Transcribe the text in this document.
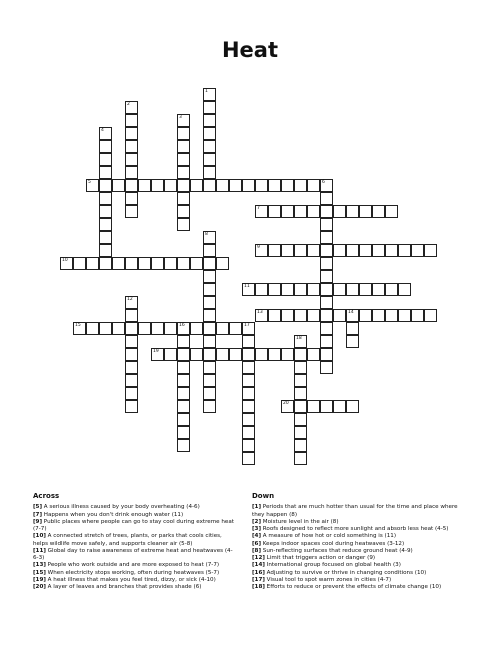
Heat
5
7
9
10
11
13
15
19
20
1
2
3
4
6
8
12
14
16	17
18
Across

[5] A serious illness caused by your body overheating (4-6)

[7] Happens when you don't drink enough water (11)

[9] Public places where people can go to stay cool during extreme heat (7-7)

[10] A connected stretch of trees, plants, or parks that cools cities, helps wildlife move safely, and supports cleaner air (5-8)

[11] Global day to raise awareness of extreme heat and heatwaves (4-6-3)

[13] People who work outside and are more exposed to heat (7-7)

[15] When electricity stops working, often during heatwaves (5-7)

[19] A heat illness that makes you feel tired, dizzy, or sick (4-10)

[20] A layer of leaves and branches that provides shade (6)

Down

[1] Periods that are much hotter than usual for the time and place where they happen (8)

[2] Moisture level in the air (8)

[3] Roofs designed to reflect more sunlight and absorb less heat (4-5)

[4] A measure of how hot or cold something is (11)

[6] Keeps indoor spaces cool during heatwaves (3-12)

[8] Sun-reflecting surfaces that reduce ground heat (4-9)

[12] Limit that triggers action or danger (9)

[14] International group focused on global health (3)

[16] Adjusting to survive or thrive in changing conditions (10)

[17] Visual tool to spot warm zones in cities (4-7)

[18] Efforts to reduce or prevent the effects of climate change (10)
